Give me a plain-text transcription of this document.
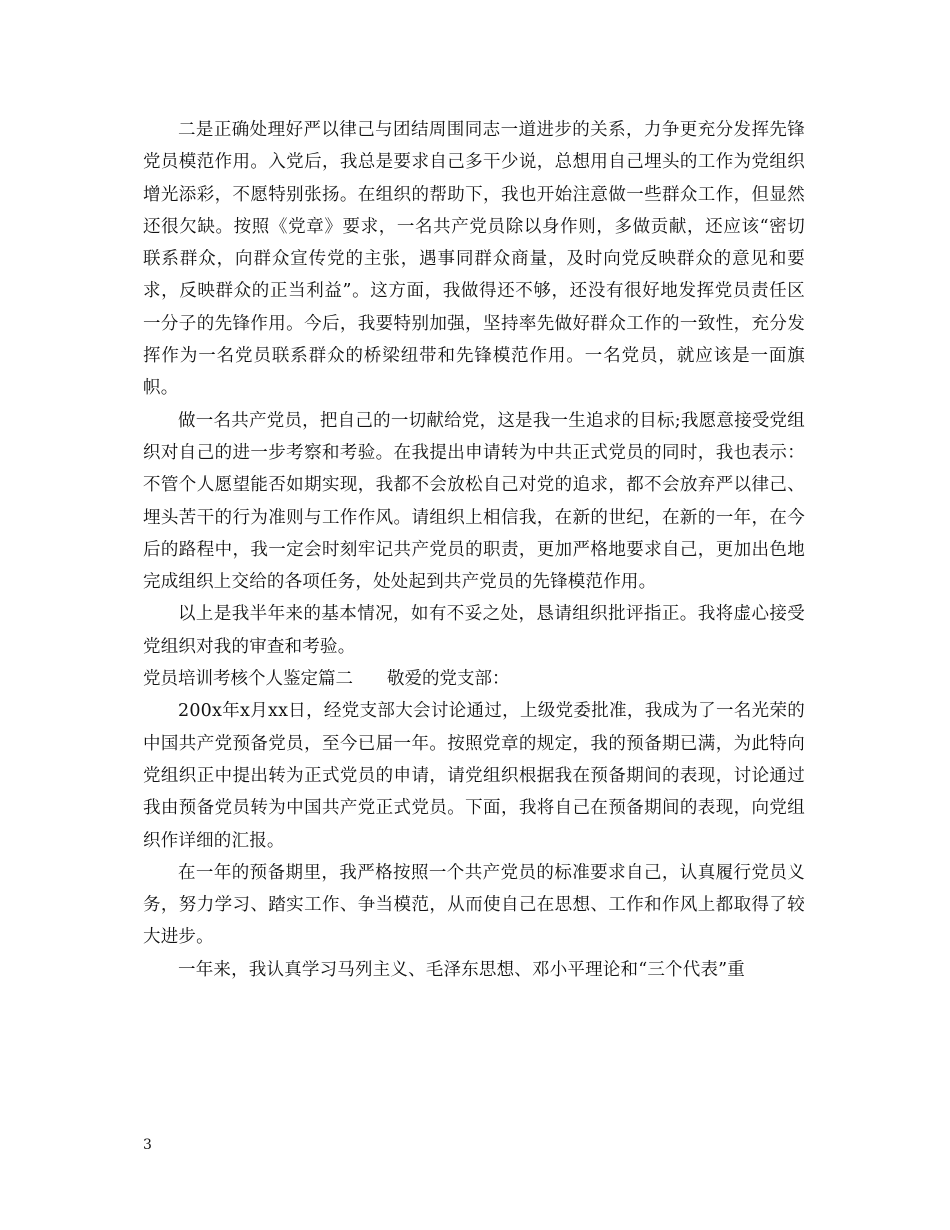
二是正确处理好严以律己与团结周围同志一道进步的关系，力争更充分发挥先锋党员模范作用。入党后，我总是要求自己多干少说，总想用自己埋头的工作为党组织增光添彩，不愿特别张扬。在组织的帮助下，我也开始注意做一些群众工作，但显然还很欠缺。按照《党章》要求，一名共产党员除以身作则，多做贡献，还应该“密切联系群众，向群众宣传党的主张，遇事同群众商量，及时向党反映群众的意见和要求，反映群众的正当利益”。这方面，我做得还不够，还没有很好地发挥党员责任区一分子的先锋作用。今后，我要特别加强，坚持率先做好群众工作的一致性，充分发挥作为一名党员联系群众的桥梁纽带和先锋模范作用。一名党员，就应该是一面旗帜。

做一名共产党员，把自己的一切献给党，这是我一生追求的目标;我愿意接受党组织对自己的进一步考察和考验。在我提出申请转为中共正式党员的同时，我也表示：不管个人愿望能否如期实现，我都不会放松自己对党的追求，都不会放弃严以律己、埋头苦干的行为准则与工作作风。请组织上相信我，在新的世纪，在新的一年，在今后的路程中，我一定会时刻牢记共产党员的职责，更加严格地要求自己，更加出色地完成组织上交给的各项任务，处处起到共产党员的先锋模范作用。

以上是我半年来的基本情况，如有不妥之处，恳请组织批评指正。我将虚心接受党组织对我的审查和考验。

党员培训考核个人鉴定篇二 敬爱的党支部：

200x年x月xx日，经党支部大会讨论通过，上级党委批准，我成为了一名光荣的中国共产党预备党员，至今已届一年。按照党章的规定，我的预备期已满，为此特向党组织正中提出转为正式党员的申请，请党组织根据我在预备期间的表现，讨论通过我由预备党员转为中国共产党正式党员。下面，我将自己在预备期间的表现，向党组织作详细的汇报。

在一年的预备期里，我严格按照一个共产党员的标准要求自己，认真履行党员义务，努力学习、踏实工作、争当模范，从而使自己在思想、工作和作风上都取得了较大进步。

一年来，我认真学习马列主义、毛泽东思想、邓小平理论和“三个代表”重

3
